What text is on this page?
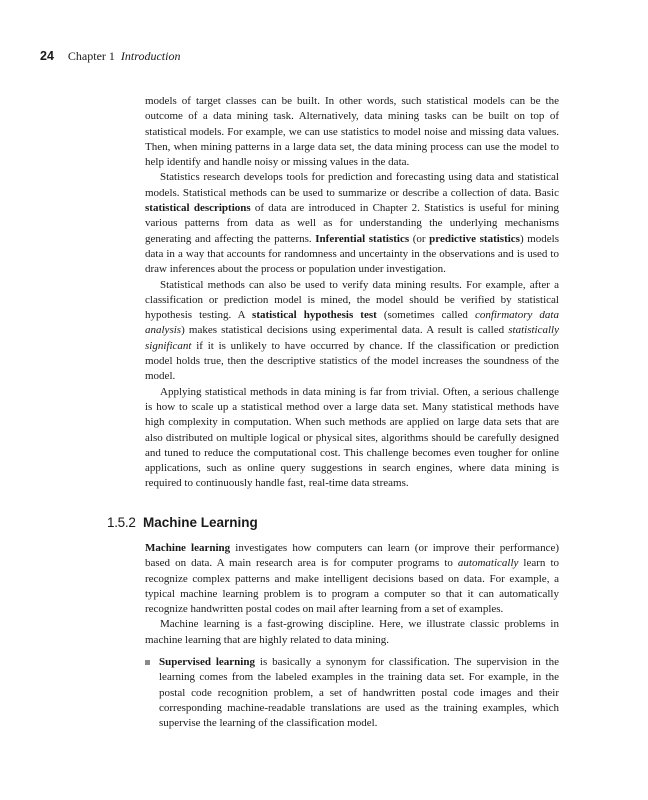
24 Chapter 1 Introduction

models of target classes can be built. In other words, such statistical models can be the outcome of a data mining task. Alternatively, data mining tasks can be built on top of statistical models. For example, we can use statistics to model noise and missing data values. Then, when mining patterns in a large data set, the data mining process can use the model to help identify and handle noisy or missing values in the data.

Statistics research develops tools for prediction and forecasting using data and statistical models. Statistical methods can be used to summarize or describe a collection of data. Basic statistical descriptions of data are introduced in Chapter 2. Statistics is useful for mining various patterns from data as well as for understanding the underlying mechanisms generating and affecting the patterns. Inferential statistics (or predictive statistics) models data in a way that accounts for randomness and uncertainty in the observations and is used to draw inferences about the process or population under investigation.

Statistical methods can also be used to verify data mining results. For example, after a classification or prediction model is mined, the model should be verified by statistical hypothesis testing. A statistical hypothesis test (sometimes called confirmatory data analysis) makes statistical decisions using experimental data. A result is called statistically significant if it is unlikely to have occurred by chance. If the classification or prediction model holds true, then the descriptive statistics of the model increases the soundness of the model.

Applying statistical methods in data mining is far from trivial. Often, a serious challenge is how to scale up a statistical method over a large data set. Many statistical methods have high complexity in computation. When such methods are applied on large data sets that are also distributed on multiple logical or physical sites, algorithms should be carefully designed and tuned to reduce the computational cost. This challenge becomes even tougher for online applications, such as online query suggestions in search engines, where data mining is required to continuously handle fast, real-time data streams.

1.5.2 Machine Learning

Machine learning investigates how computers can learn (or improve their performance) based on data. A main research area is for computer programs to automatically learn to recognize complex patterns and make intelligent decisions based on data. For example, a typical machine learning problem is to program a computer so that it can automatically recognize handwritten postal codes on mail after learning from a set of examples.

Machine learning is a fast-growing discipline. Here, we illustrate classic problems in machine learning that are highly related to data mining.

Supervised learning is basically a synonym for classification. The supervision in the learning comes from the labeled examples in the training data set. For example, in the postal code recognition problem, a set of handwritten postal code images and their corresponding machine-readable translations are used as the training examples, which supervise the learning of the classification model.
